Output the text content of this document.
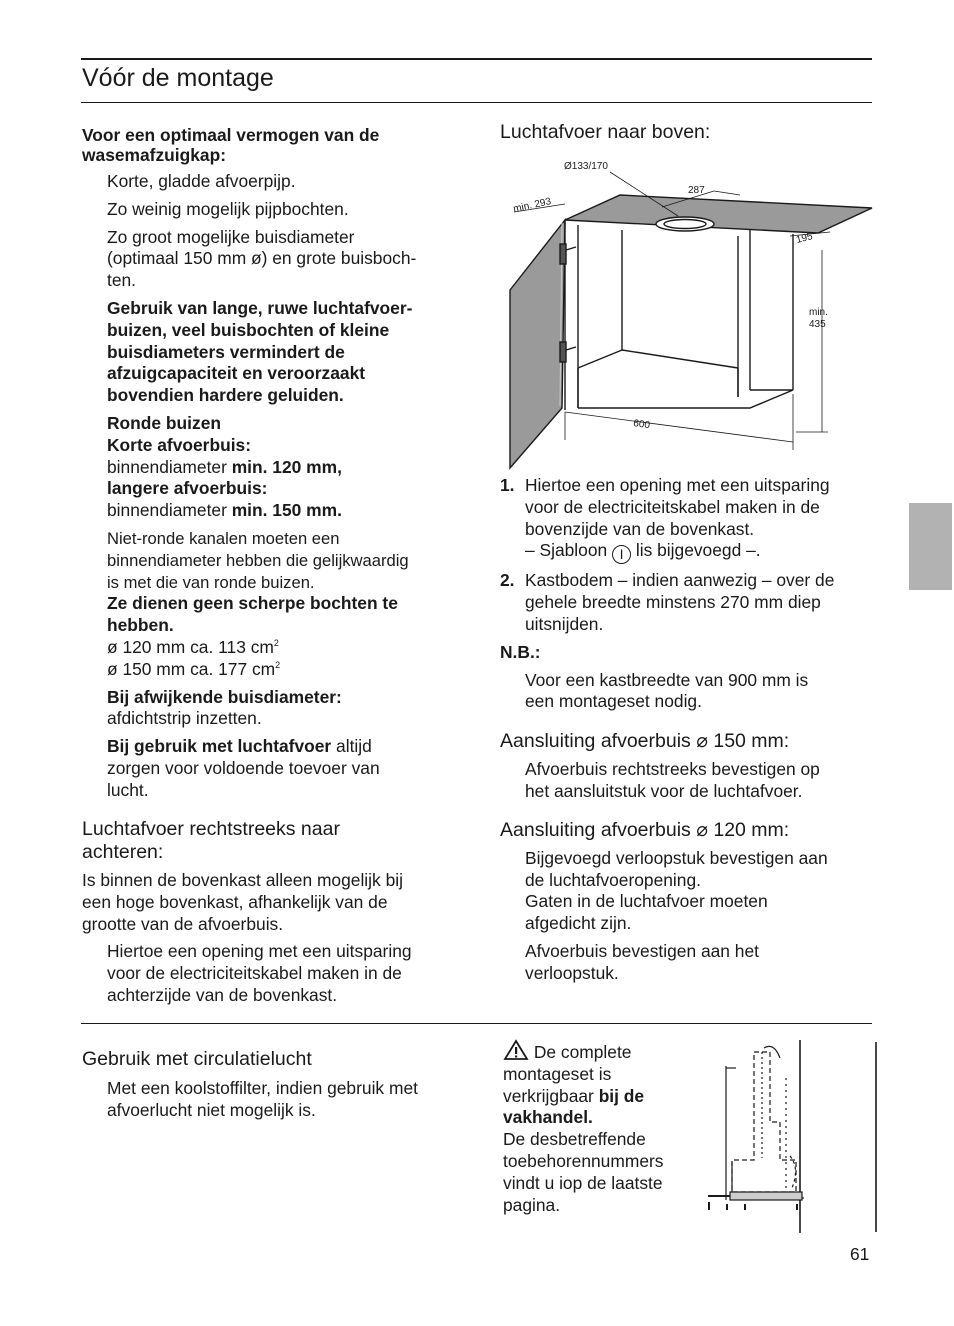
Vóór de montage

Voor een optimaal vermogen van de wasemafzuigkap:

Korte, gladde afvoerpijp.

Zo weinig mogelijk pijpbochten.

Zo groot mogelijke buisdiameter

(optimaal 150 mm ø) en grote buisboch-

ten.

Gebruik van lange, ruwe luchtafvoer-

buizen, veel buisbochten of kleine

buisdiameters vermindert de

afzuigcapaciteit en veroorzaakt

bovendien hardere geluiden.

Ronde buizen

Korte afvoerbuis:

binnendiameter min. 120 mm,

langere afvoerbuis:

binnendiameter min. 150 mm.

Niet-ronde kanalen moeten een

binnendiameter hebben die gelijkwaardig

is met die van ronde buizen.

Ze dienen geen scherpe bochten te

hebben.

ø 120 mm ca. 113 $cm^2$

ø 150 mm ca. 177 $cm^2$

Bij afwijkende buisdiameter:

afdichtstrip inzetten.

Bij gebruik met luchtafvoer altijd

zorgen voor voldoende toevoer van

lucht.

Luchtafvoer rechtstreeks naar

achteren:

Is binnen de bovenkast alleen mogelijk bij

een hoge bovenkast, afhankelijk van de

grootte van de afvoerbuis.

Hiertoe een opening met een uitsparing

voor de electriciteitskabel maken in de

achterzijde van de bovenkast.

Luchtafvoer naar boven:

Ø133/170
287
min. 293
195
min.
435
600
1. Hiertoe een opening met een uitsparing

voor de electriciteitskabel maken in de

bovenzijde van de bovenkast.

– Sjabloon I lis bijgevoegd –.

2. Kastbodem – indien aanwezig – over de

gehele breedte minstens 270 mm diep

uitsnijden.

N.B.:

Voor een kastbreedte van 900 mm is

een montageset nodig.

Aansluiting afvoerbuis ⌀ 150 mm:

Afvoerbuis rechtstreeks bevestigen op

het aansluitstuk voor de luchtafvoer.

Aansluiting afvoerbuis ⌀ 120 mm:

Bijgevoegd verloopstuk bevestigen aan

de luchtafvoeropening.

Gaten in de luchtafvoer moeten

afgedicht zijn.

Afvoerbuis bevestigen aan het

verloopstuk.

Gebruik met circulatielucht

Met een koolstoffilter, indien gebruik met

afvoerlucht niet mogelijk is.

De complete

montageset is

verkrijgbaar bij de

vakhandel.

De desbetreffende

toebehorennummers

vindt u iop de laatste

pagina.

61
